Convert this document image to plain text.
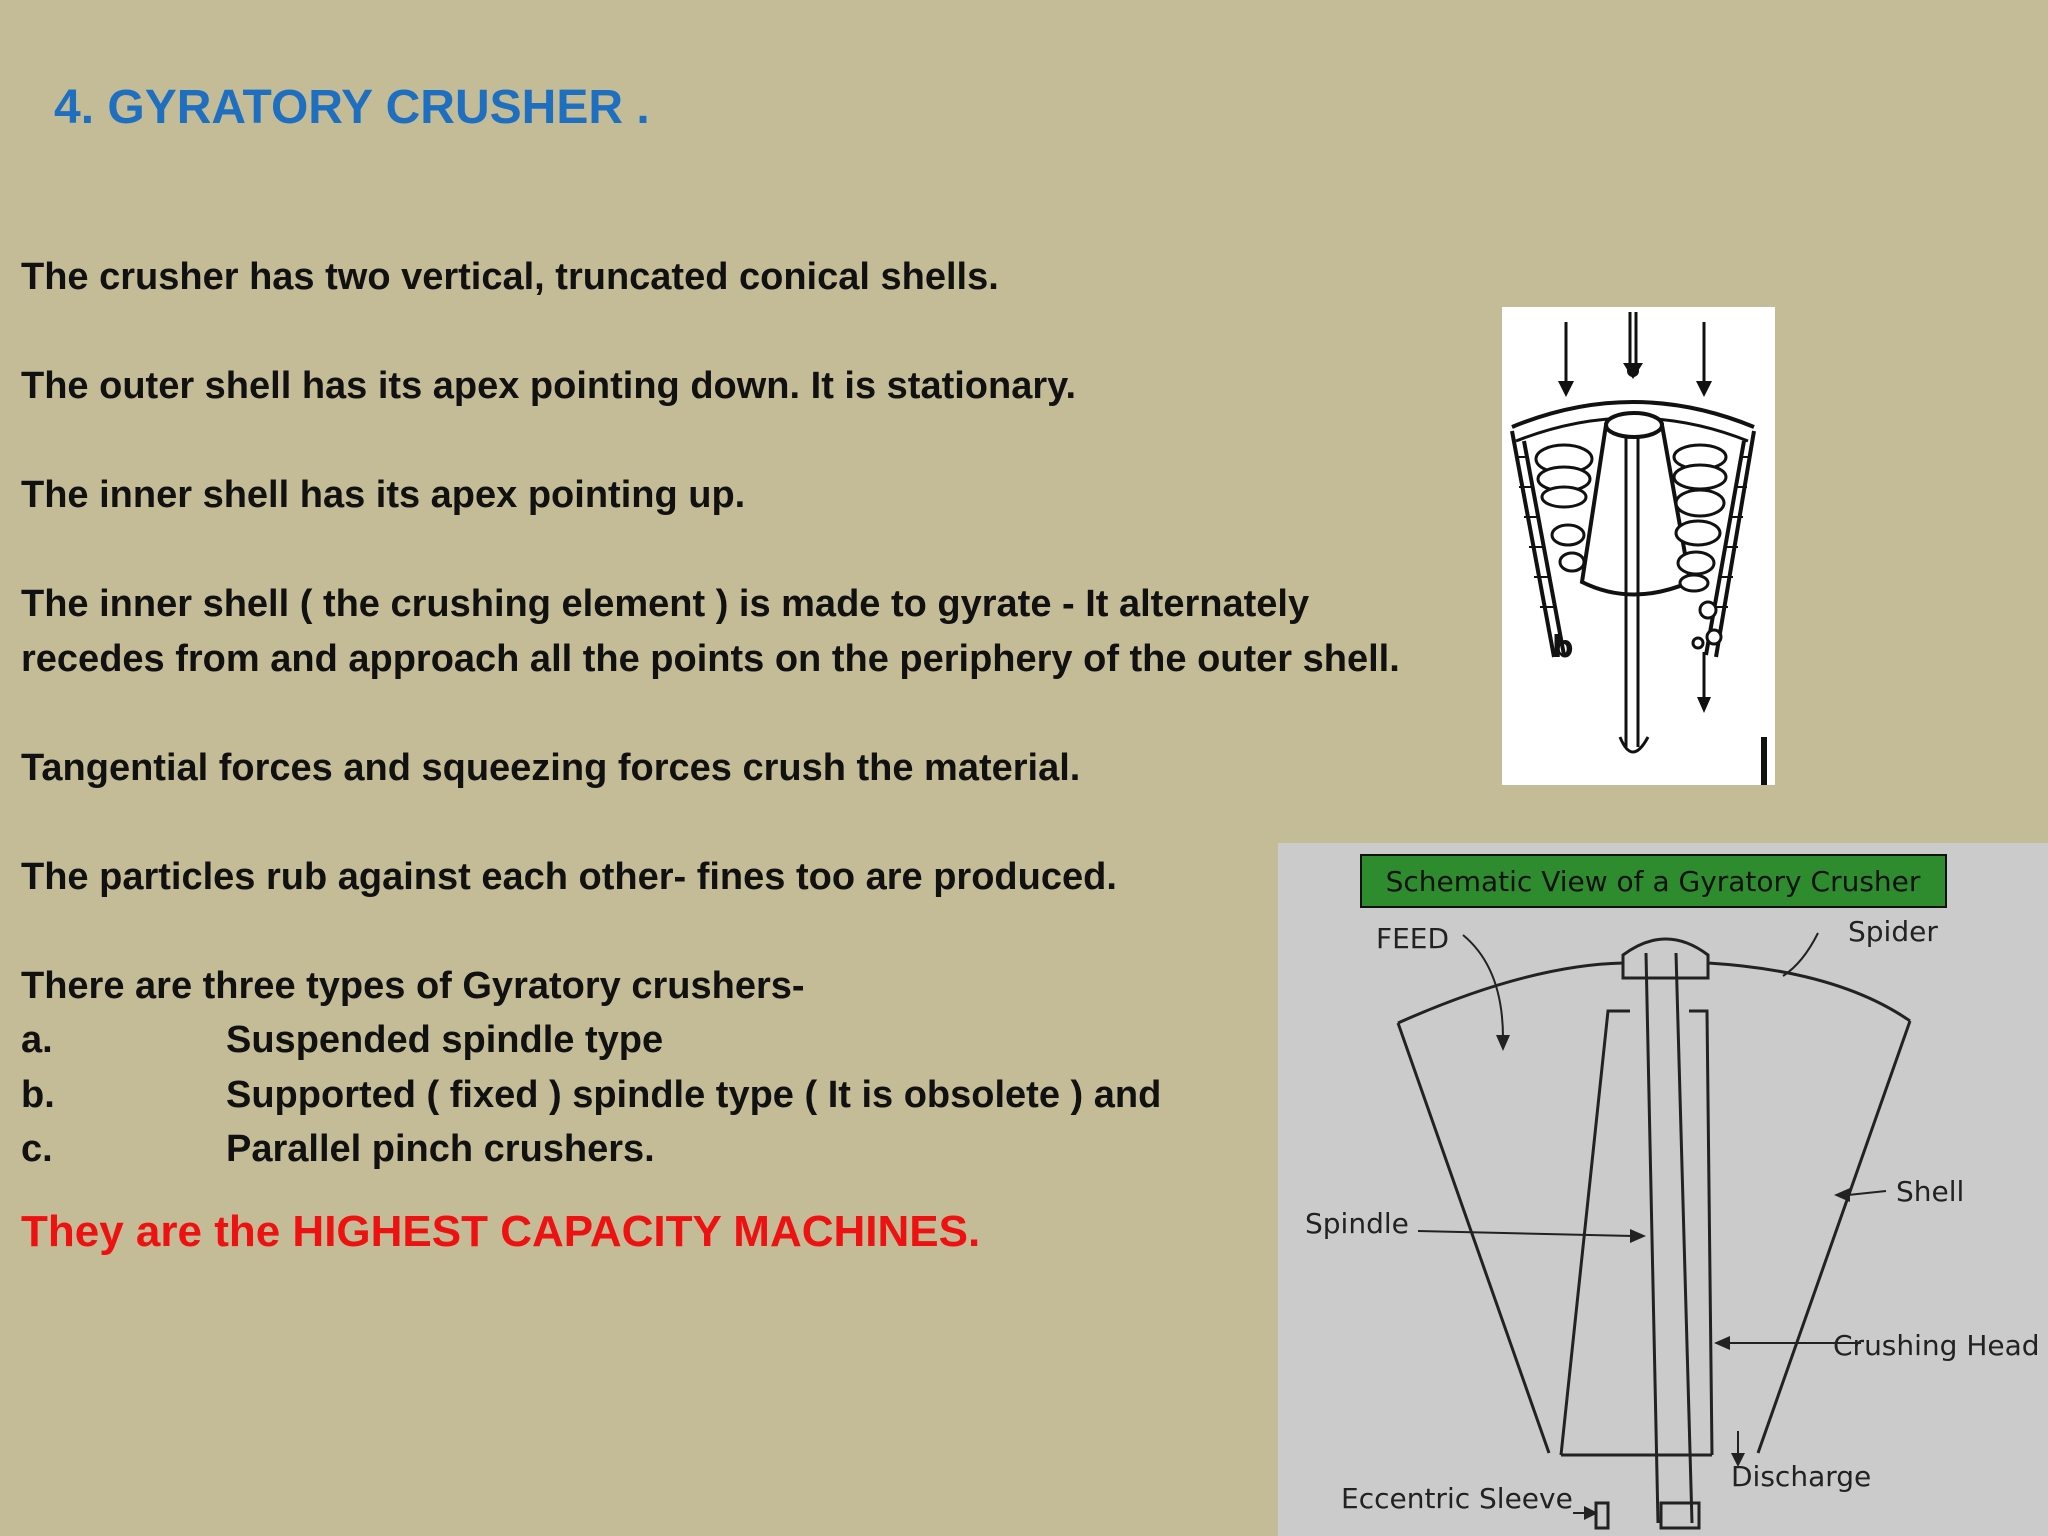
4. GYRATORY CRUSHER .

The crusher has two vertical, truncated conical shells.

The outer shell has its apex pointing down. It is stationary.

The inner shell has its apex pointing up.

The inner shell ( the crushing element ) is made to gyrate - It alternately recedes from and approach all the points on the periphery of the outer shell.

Tangential forces and squeezing forces crush the material.

The particles rub against each other- fines too are produced.

There are three types of Gyratory crushers-

a.	Suspended spindle type
b.	Supported ( fixed ) spindle type ( It is obsolete ) and
c.	Parallel pinch crushers.

They are the HIGHEST CAPACITY MACHINES.

b
Schematic View of a Gyratory Crusher
FEED	Spider
Shell
Spindle
Crushing Head
Discharge
Eccentric Sleeve
